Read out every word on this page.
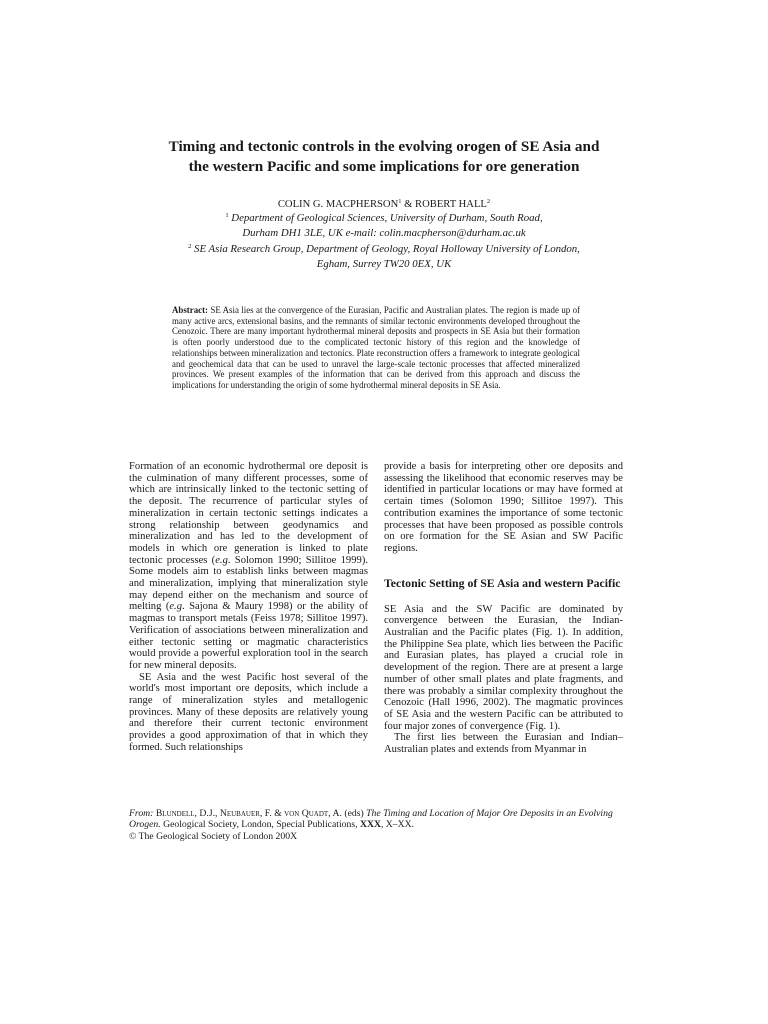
Timing and tectonic controls in the evolving orogen of SE Asia and
the western Pacific and some implications for ore generation
COLIN G. MACPHERSON$^1$ & ROBERT HALL$^2$
$^1$ Department of Geological Sciences, University of Durham, South Road,
Durham DH1 3LE, UK e-mail: colin.macpherson@durham.ac.uk
$^2$ SE Asia Research Group, Department of Geology, Royal Holloway University of London,
Egham, Surrey TW20 0EX, UK
Abstract: SE Asia lies at the convergence of the Eurasian, Pacific and Australian plates. The region is made up of many active arcs, extensional basins, and the remnants of similar tectonic environments developed throughout the Cenozoic. There are many important hydrothermal mineral deposits and prospects in SE Asia but their formation is often poorly understood due to the complicated tectonic history of this region and the knowledge of relationships between mineralization and tectonics. Plate reconstruction offers a framework to integrate geological and geochemical data that can be used to unravel the large-scale tectonic processes that affected mineralized provinces. We present examples of the information that can be derived from this approach and discuss the implications for understanding the origin of some hydrothermal mineral deposits in SE Asia.

Formation of an economic hydrothermal ore deposit is the culmination of many different processes, some of which are intrinsically linked to the tectonic setting of the deposit. The recurrence of particular styles of mineralization in certain tectonic settings indicates a strong relationship between geodynamics and mineralization and has led to the development of models in which ore generation is linked to plate tectonic processes (e.g. Solomon 1990; Sillitoe 1999). Some models aim to establish links between magmas and mineralization, implying that mineralization style may depend either on the mechanism and source of melting (e.g. Sajona & Maury 1998) or the ability of magmas to transport metals (Feiss 1978; Sillitoe 1997). Verification of associations between mineralization and either tectonic setting or magmatic characteristics would provide a powerful exploration tool in the search for new mineral deposits.

SE Asia and the west Pacific host several of the world's most important ore deposits, which include a range of mineralization styles and metallogenic provinces. Many of these deposits are relatively young and therefore their current tectonic environment provides a good approximation of that in which they formed. Such relationships

provide a basis for interpreting other ore deposits and assessing the likelihood that economic reserves may be identified in particular locations or may have formed at certain times (Solomon 1990; Sillitoe 1997). This contribution examines the importance of some tectonic processes that have been proposed as possible controls on ore formation for the SE Asian and SW Pacific regions.

Tectonic Setting of SE Asia and western Pacific

SE Asia and the SW Pacific are dominated by convergence between the Eurasian, the Indian-Australian and the Pacific plates (Fig. 1). In addition, the Philippine Sea plate, which lies between the Pacific and Eurasian plates, has played a crucial role in development of the region. There are at present a large number of other small plates and plate fragments, and there was probably a similar complexity throughout the Cenozoic (Hall 1996, 2002). The magmatic provinces of SE Asia and the western Pacific can be attributed to four major zones of convergence (Fig. 1).

The first lies between the Eurasian and Indian–Australian plates and extends from Myanmar in

From: Blundell, D.J., Neubauer, F. & von Quadt, A. (eds) The Timing and Location of Major Ore Deposits in an Evolving Orogen. Geological Society, London, Special Publications, XXX, X–XX.
© The Geological Society of London 200X
